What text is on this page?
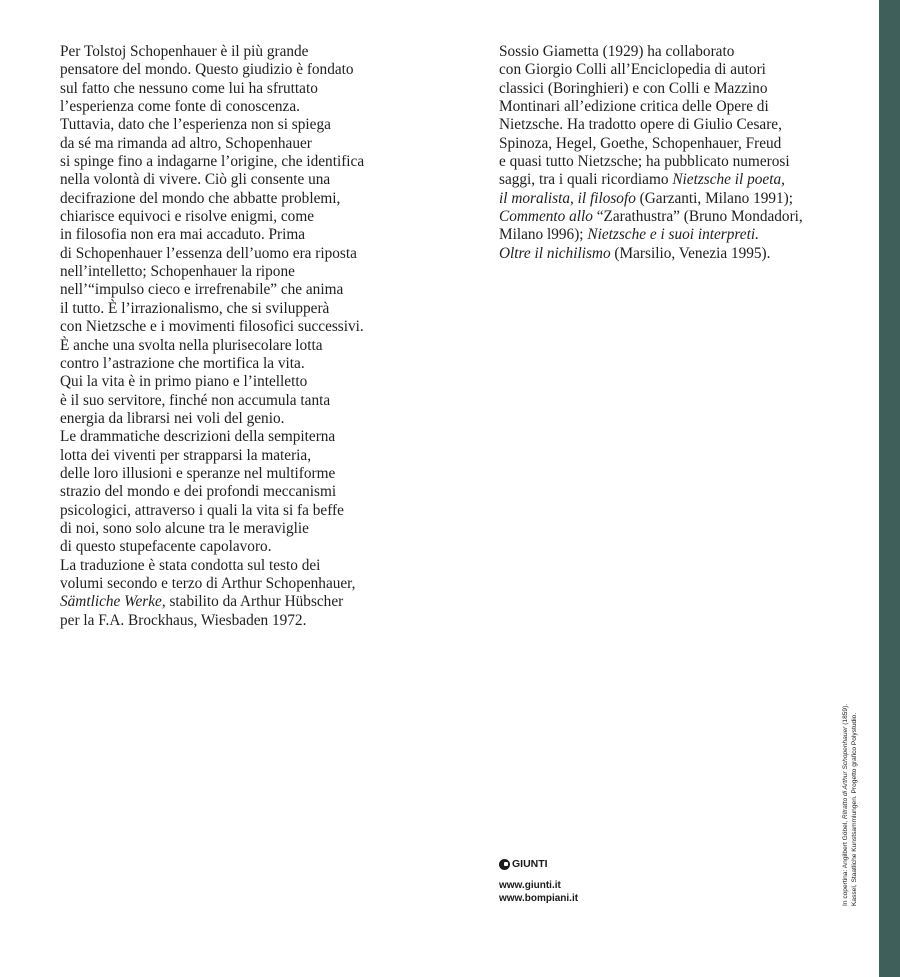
Per Tolstoj Schopenhauer è il più grande
pensatore del mondo. Questo giudizio è fondato
sul fatto che nessuno come lui ha sfruttato
l’esperienza come fonte di conoscenza.
Tuttavia, dato che l’esperienza non si spiega
da sé ma rimanda ad altro, Schopenhauer
si spinge fino a indagarne l’origine, che identifica
nella volontà di vivere. Ciò gli consente una
decifrazione del mondo che abbatte problemi,
chiarisce equivoci e risolve enigmi, come
in filosofia non era mai accaduto. Prima
di Schopenhauer l’essenza dell’uomo era riposta
nell’intelletto; Schopenhauer la ripone
nell’“impulso cieco e irrefrenabile” che anima
il tutto. È l’irrazionalismo, che si svilupperà
con Nietzsche e i movimenti filosofici successivi.
È anche una svolta nella plurisecolare lotta
contro l’astrazione che mortifica la vita.
Qui la vita è in primo piano e l’intelletto
è il suo servitore, finché non accumula tanta
energia da librarsi nei voli del genio.
Le drammatiche descrizioni della sempiterna
lotta dei viventi per strapparsi la materia,
delle loro illusioni e speranze nel multiforme
strazio del mondo e dei profondi meccanismi
psicologici, attraverso i quali la vita si fa beffe
di noi, sono solo alcune tra le meraviglie
di questo stupefacente capolavoro.
La traduzione è stata condotta sul testo dei
volumi secondo e terzo di Arthur Schopenhauer,
Sämtliche Werke, stabilito da Arthur Hübscher
per la F.A. Brockhaus, Wiesbaden 1972.
Sossio Giametta (1929) ha collaborato
con Giorgio Colli all’Enciclopedia di autori
classici (Boringhieri) e con Colli e Mazzino
Montinari all’edizione critica delle Opere di
Nietzsche. Ha tradotto opere di Giulio Cesare,
Spinoza, Hegel, Goethe, Schopenhauer, Freud
e quasi tutto Nietzsche; ha pubblicato numerosi
saggi, tra i quali ricordiamo Nietzsche il poeta,
il moralista, il filosofo (Garzanti, Milano 1991);
Commento allo “Zarathustra” (Bruno Mondadori,
Milano l996); Nietzsche e i suoi interpreti.
Oltre il nichilismo (Marsilio, Venezia 1995).
GIUNTI
www.giunti.it
www.bompiani.it	In copertina: Angilbert Göbel, Ritratto di Arthur Schopenhauer (1859). Kassel, Staatliche Kunstsammlungen. Progetto grafico Polystudio.
